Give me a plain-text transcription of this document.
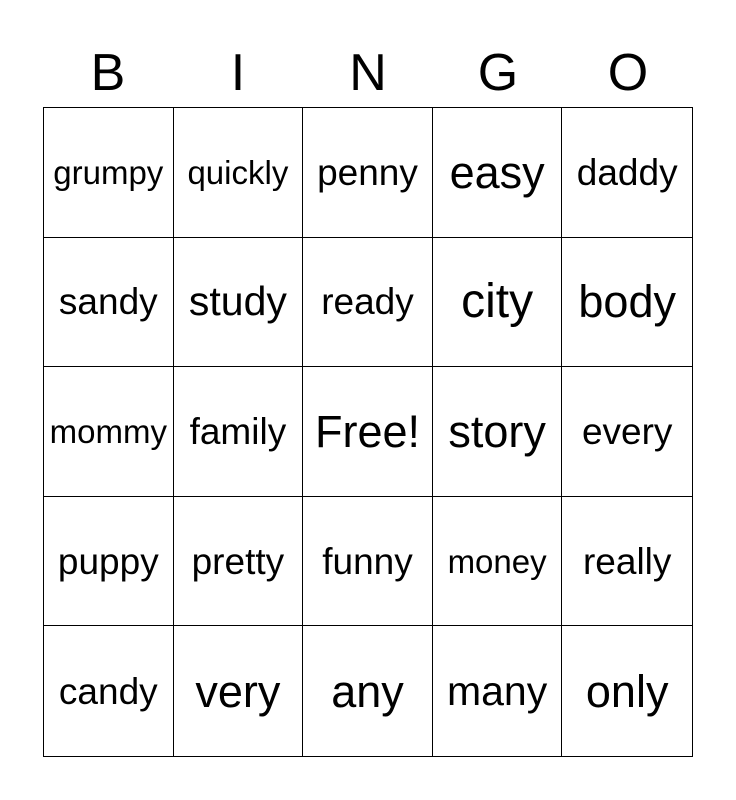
B	I	N	G	O
grumpy quickly penny easy daddy
sandy study ready city	body
mommy family Free! story every
puppy pretty	funny	money really
candy very	any	many only
